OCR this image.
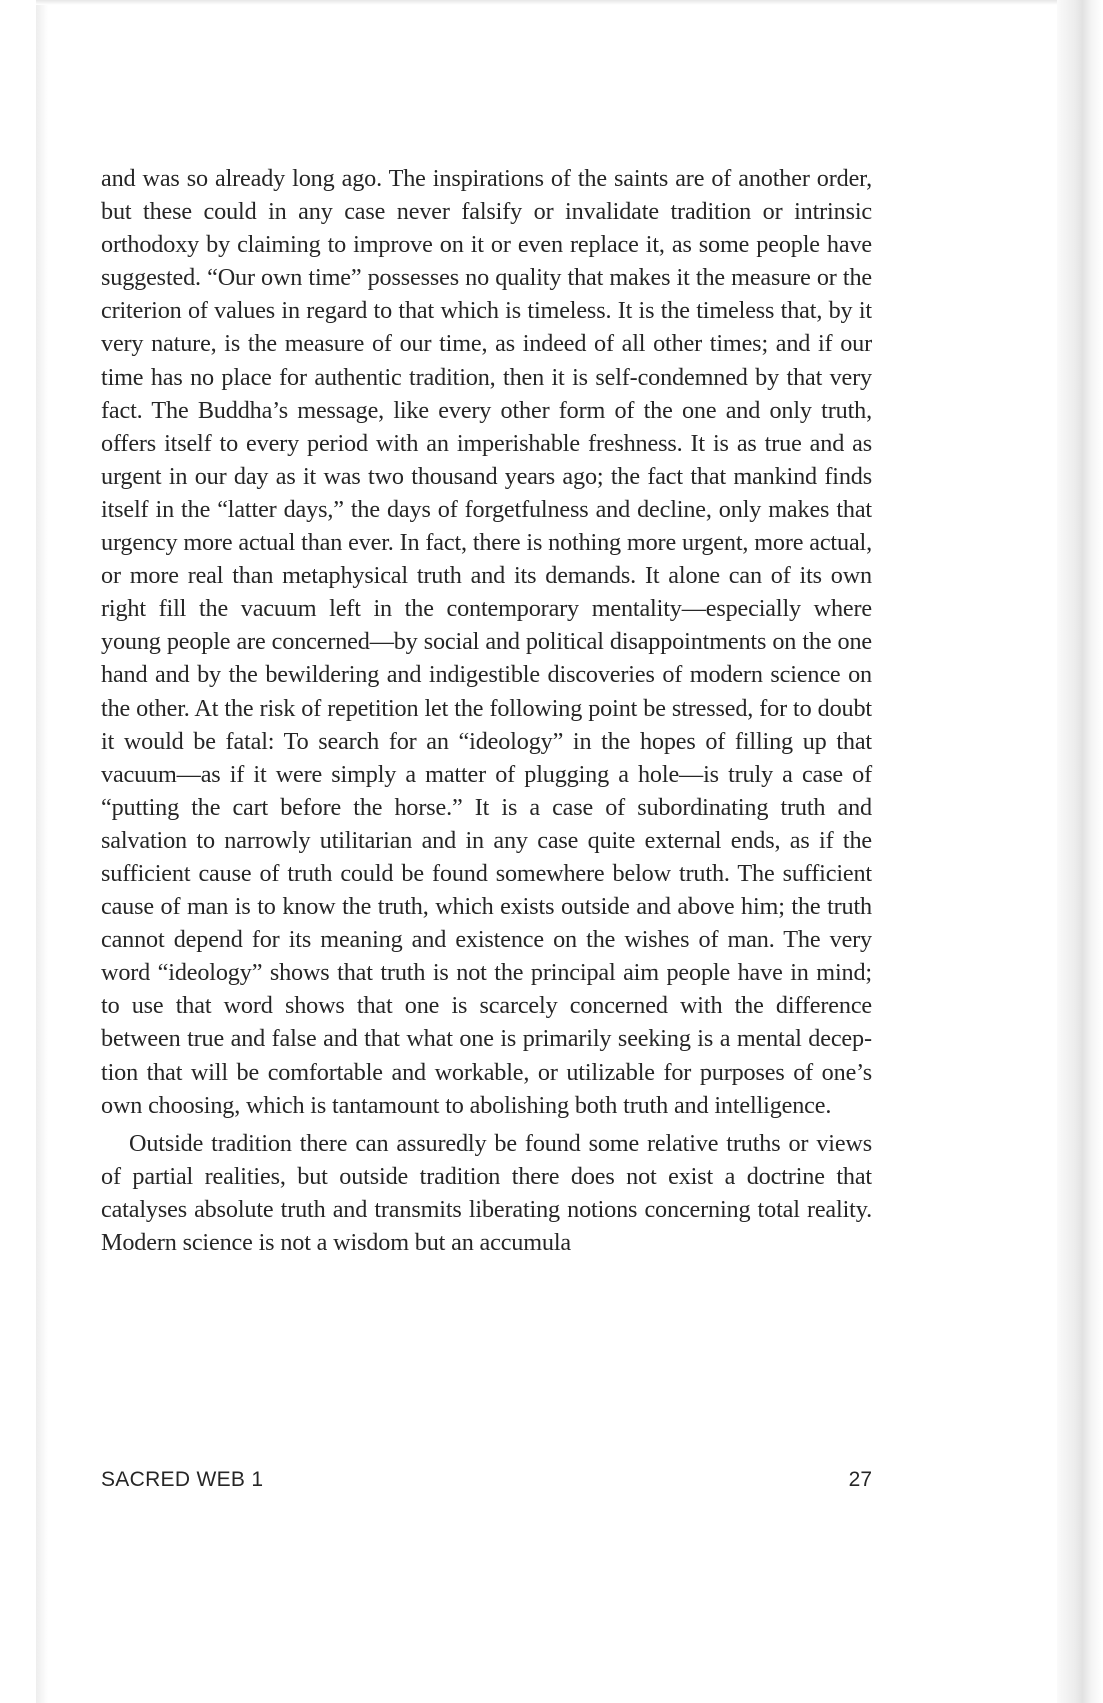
and was so already long ago. The inspirations of the saints are of another order, but these could in any case never falsify or invalidate tradition or intrinsic orthodoxy by claiming to improve on it or even replace it, as some people have suggested. “Our own time” possesses no quality that makes it the measure or the criterion of values in regard to that which is timeless. It is the timeless that, by it very nature, is the measure of our time, as indeed of all other times; and if our time has no place for authentic tradition, then it is self-condemned by that very fact. The Buddha’s message, like every other form of the one and only truth, offers itself to every period with an imperishable freshness. It is as true and as urgent in our day as it was two thousand years ago; the fact that mankind finds itself in the “latter days,” the days of forgetfulness and decline, only makes that urgency more actual than ever. In fact, there is nothing more urgent, more actual, or more real than metaphysical truth and its demands. It alone can of its own right fill the vacuum left in the contemporary mentality—especially where young people are concerned—by social and political disappointments on the one hand and by the bewildering and indigestible discoveries of modern science on the other. At the risk of repetition let the following point be stressed, for to doubt it would be fatal: To search for an “ideology” in the hopes of filling up that vacuum—as if it were simply a matter of plugging a hole—is truly a case of “putting the cart before the horse.” It is a case of subordinating truth and salvation to narrowly utilitarian and in any case quite external ends, as if the sufficient cause of truth could be found somewhere below truth. The sufficient cause of man is to know the truth, which exists outside and above him; the truth cannot depend for its meaning and existence on the wishes of man. The very word “ideology” shows that truth is not the principal aim people have in mind; to use that word shows that one is scarcely concerned with the difference between true and false and that what one is primarily seeking is a mental deception that will be comfortable and workable, or utilizable for purposes of one’s own choosing, which is tantamount to abolishing both truth and intelligence.

Outside tradition there can assuredly be found some relative truths or views of partial realities, but outside tradition there does not exist a doctrine that catalyses absolute truth and transmits liberating notions concerning total reality. Modern science is not a wisdom but an accumula

SACRED WEB 1	27
